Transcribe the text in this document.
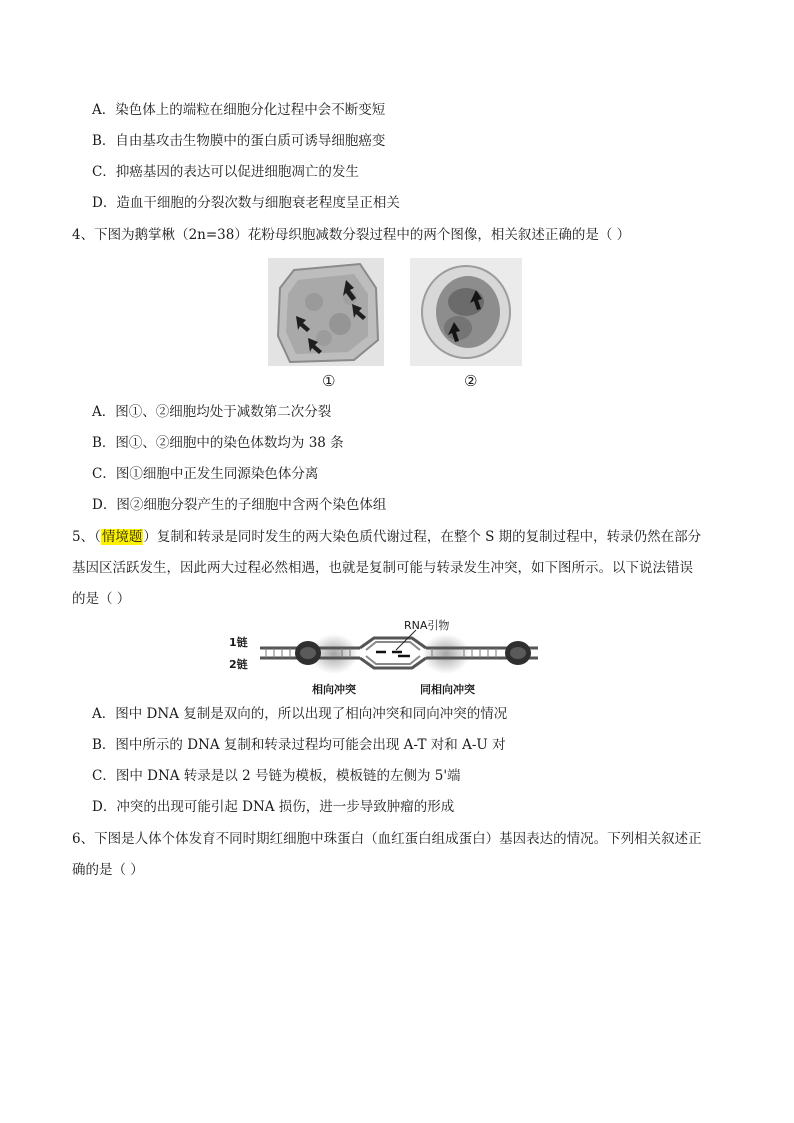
A．染色体上的端粒在细胞分化过程中会不断变短
B．自由基攻击生物膜中的蛋白质可诱导细胞癌变
C．抑癌基因的表达可以促进细胞凋亡的发生
D．造血干细胞的分裂次数与细胞衰老程度呈正相关
4、下图为鹅掌楸（2n=38）花粉母织胞减数分裂过程中的两个图像，相关叙述正确的是（ ）
①	②
A．图①、②细胞均处于减数第二次分裂
B．图①、②细胞中的染色体数均为 38 条
C．图①细胞中正发生同源染色体分离
D．图②细胞分裂产生的子细胞中含两个染色体组
5、（情境题）复制和转录是同时发生的两大染色质代谢过程，在整个 S 期的复制过程中，转录仍然在部分
基因区活跃发生，因此两大过程必然相遇，也就是复制可能与转录发生冲突，如下图所示。以下说法错误
的是（ ）
1链
2链
RNA引物
相向冲突	同相向冲突
A．图中 DNA 复制是双向的，所以出现了相向冲突和同向冲突的情况
B．图中所示的 DNA 复制和转录过程均可能会出现 A-T 对和 A-U 对
C．图中 DNA 转录是以 2 号链为模板，模板链的左侧为 5'端
D．冲突的出现可能引起 DNA 损伤，进一步导致肿瘤的形成
6、下图是人体个体发育不同时期红细胞中珠蛋白（血红蛋白组成蛋白）基因表达的情况。下列相关叙述正
确的是（ ）
